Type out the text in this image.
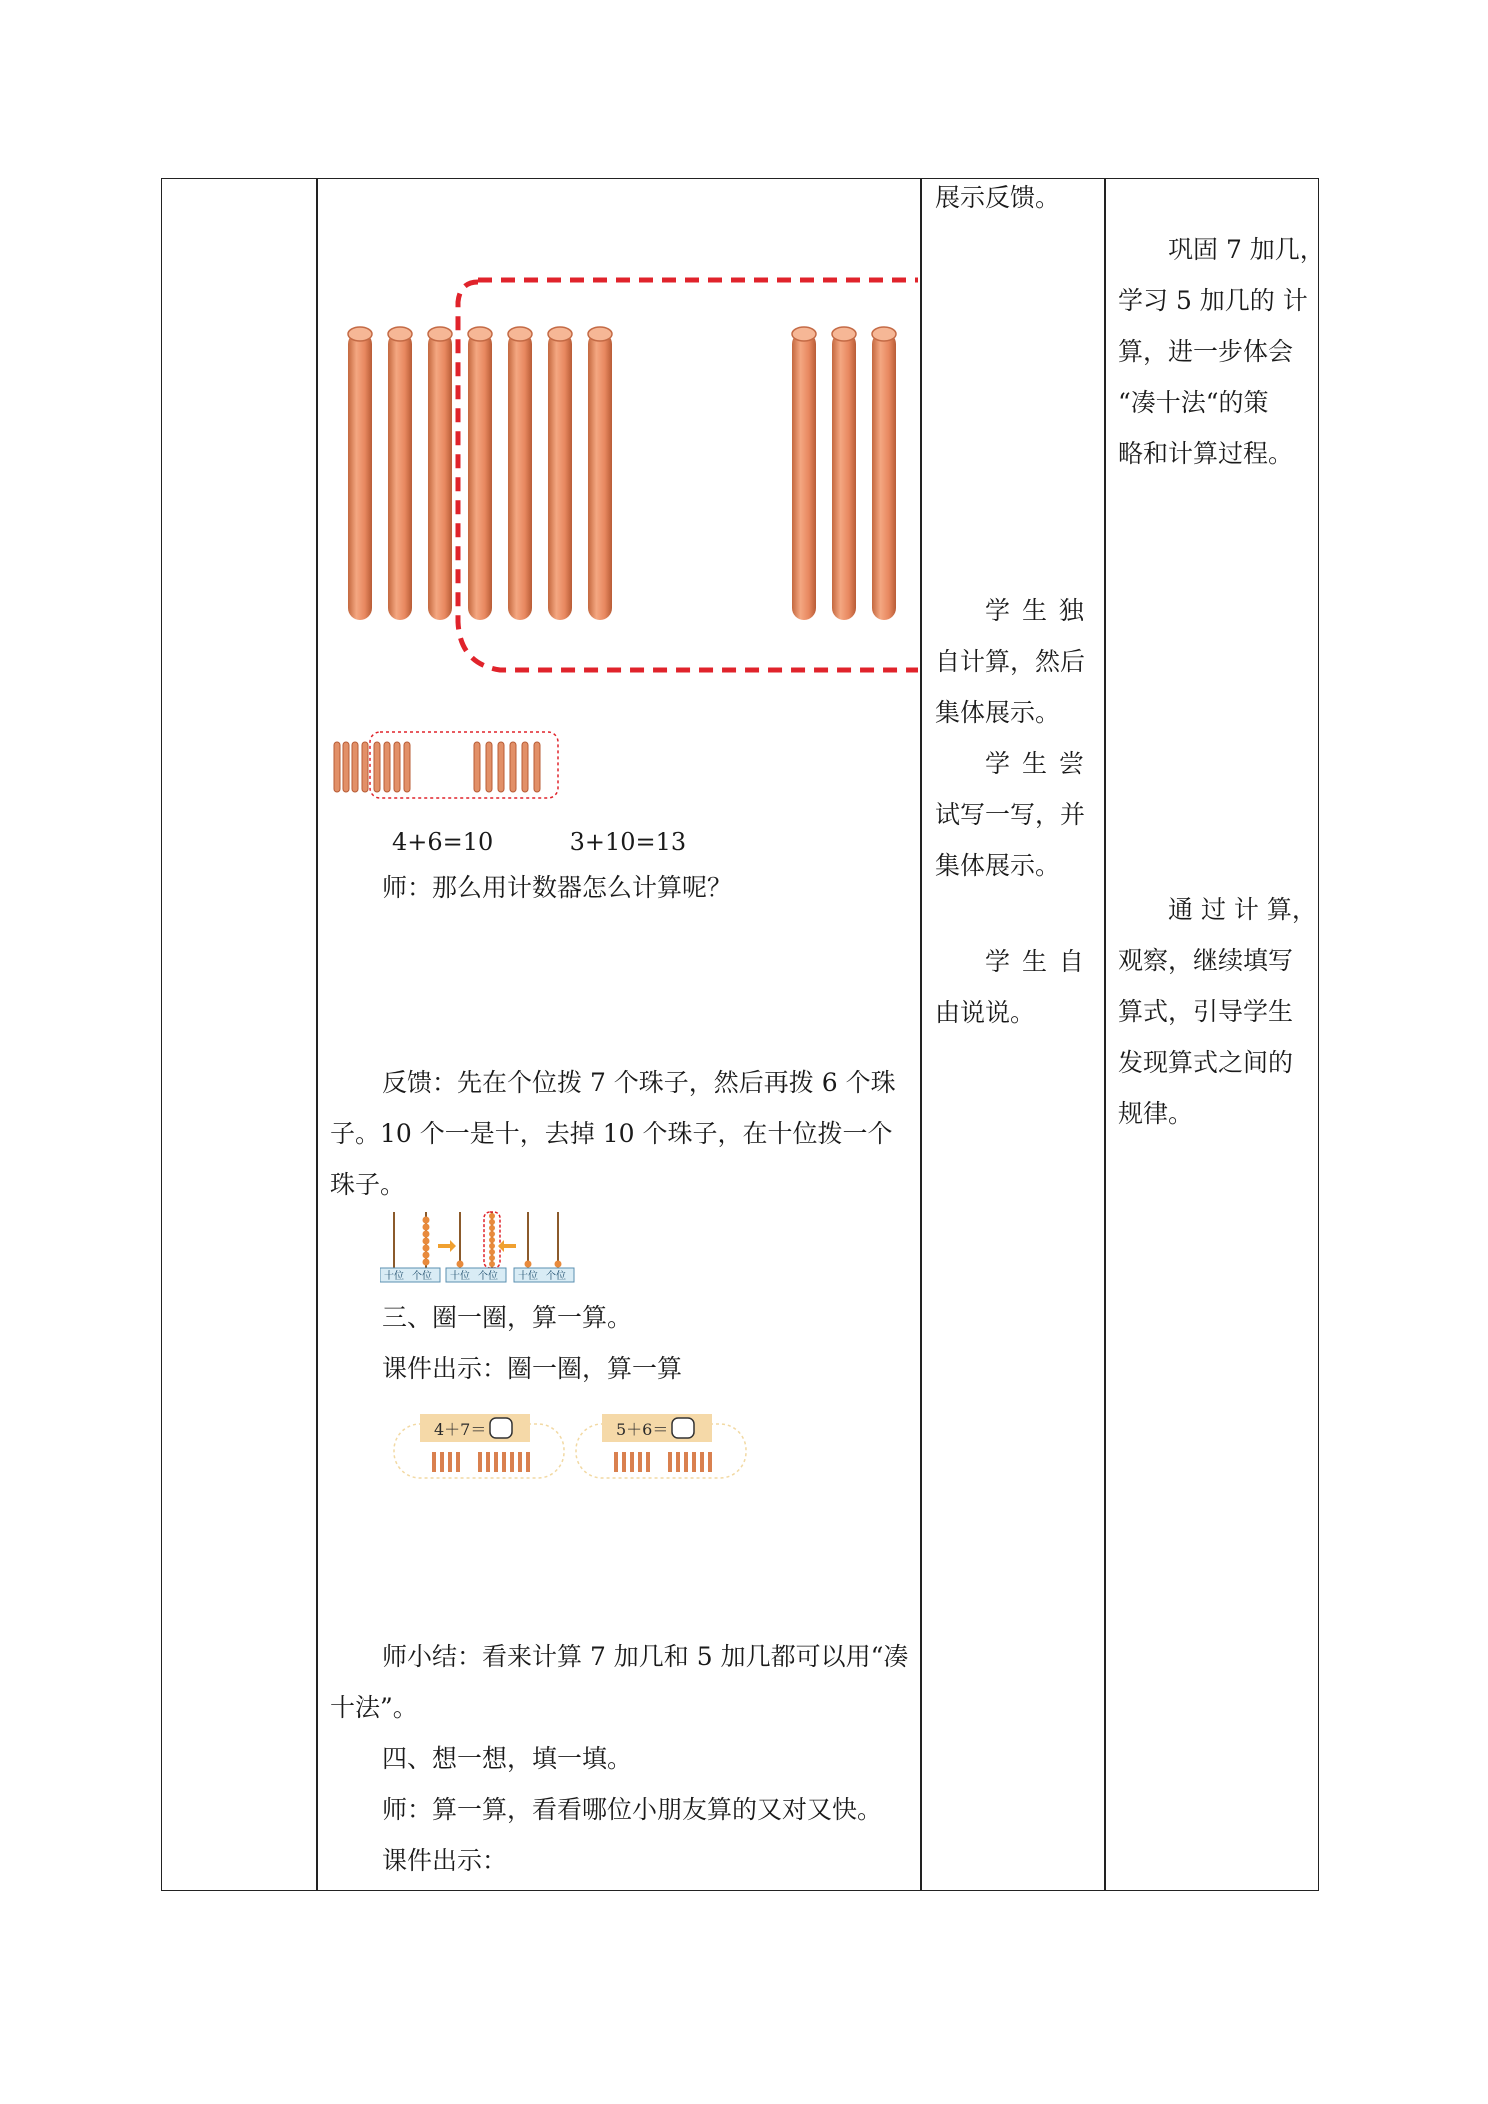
展示反馈。
学 生 独
自计算，然后
集体展示。
学 生 尝
试写一写，并
集体展示。
学 生 自
由说说。
巩固 7 加几，
学习 5 加几的 计
算，进一步体会
“凑十法“的策
略和计算过程。
通 过 计 算，
观察，继续填写
算式，引导学生
发现算式之间的
规律。
4+6=10          3+10=13
师：那么用计数器怎么计算呢？
反馈：先在个位拨 7 个珠子，然后再拨 6 个珠
子。10 个一是十，去掉 10 个珠子，在十位拨一个
珠子。
十位 个位 十位 个位 十位 个位
三、圈一圈，算一算。
课件出示：圈一圈，算一算
4＋7＝	5＋6＝
师小结：看来计算 7 加几和 5 加几都可以用“凑
十法”。
四、想一想，填一填。
师：算一算，看看哪位小朋友算的又对又快。
课件出示：
